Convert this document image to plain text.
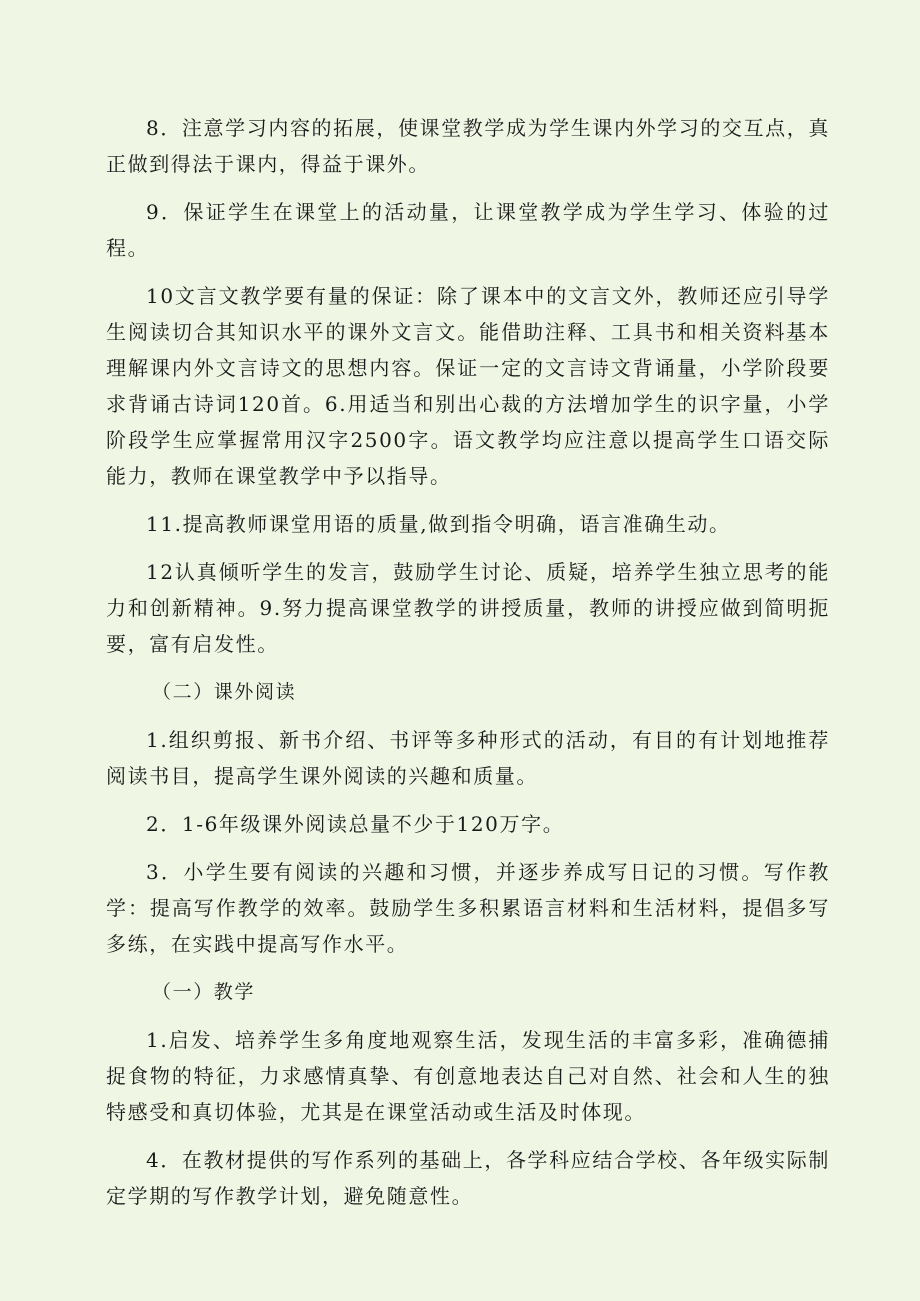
8．注意学习内容的拓展，使课堂教学成为学生课内外学习的交互点，真正做到得法于课内，得益于课外。

9．保证学生在课堂上的活动量，让课堂教学成为学生学习、体验的过程。

10文言文教学要有量的保证：除了课本中的文言文外，教师还应引导学生阅读切合其知识水平的课外文言文。能借助注释、工具书和相关资料基本理解课内外文言诗文的思想内容。保证一定的文言诗文背诵量，小学阶段要求背诵古诗词120首。6.用适当和别出心裁的方法增加学生的识字量，小学阶段学生应掌握常用汉字2500字。语文教学均应注意以提高学生口语交际能力，教师在课堂教学中予以指导。

11.提高教师课堂用语的质量,做到指令明确，语言准确生动。

12认真倾听学生的发言，鼓励学生讨论、质疑，培养学生独立思考的能力和创新精神。9.努力提高课堂教学的讲授质量，教师的讲授应做到简明扼要，富有启发性。

（二）课外阅读

1.组织剪报、新书介绍、书评等多种形式的活动，有目的有计划地推荐阅读书目，提高学生课外阅读的兴趣和质量。

2．1-6年级课外阅读总量不少于120万字。

3．小学生要有阅读的兴趣和习惯，并逐步养成写日记的习惯。写作教学：提高写作教学的效率。鼓励学生多积累语言材料和生活材料，提倡多写多练，在实践中提高写作水平。

（一）教学

1.启发、培养学生多角度地观察生活，发现生活的丰富多彩，准确德捕捉食物的特征，力求感情真挚、有创意地表达自己对自然、社会和人生的独特感受和真切体验，尤其是在课堂活动或生活及时体现。

4．在教材提供的写作系列的基础上，各学科应结合学校、各年级实际制定学期的写作教学计划，避免随意性。
